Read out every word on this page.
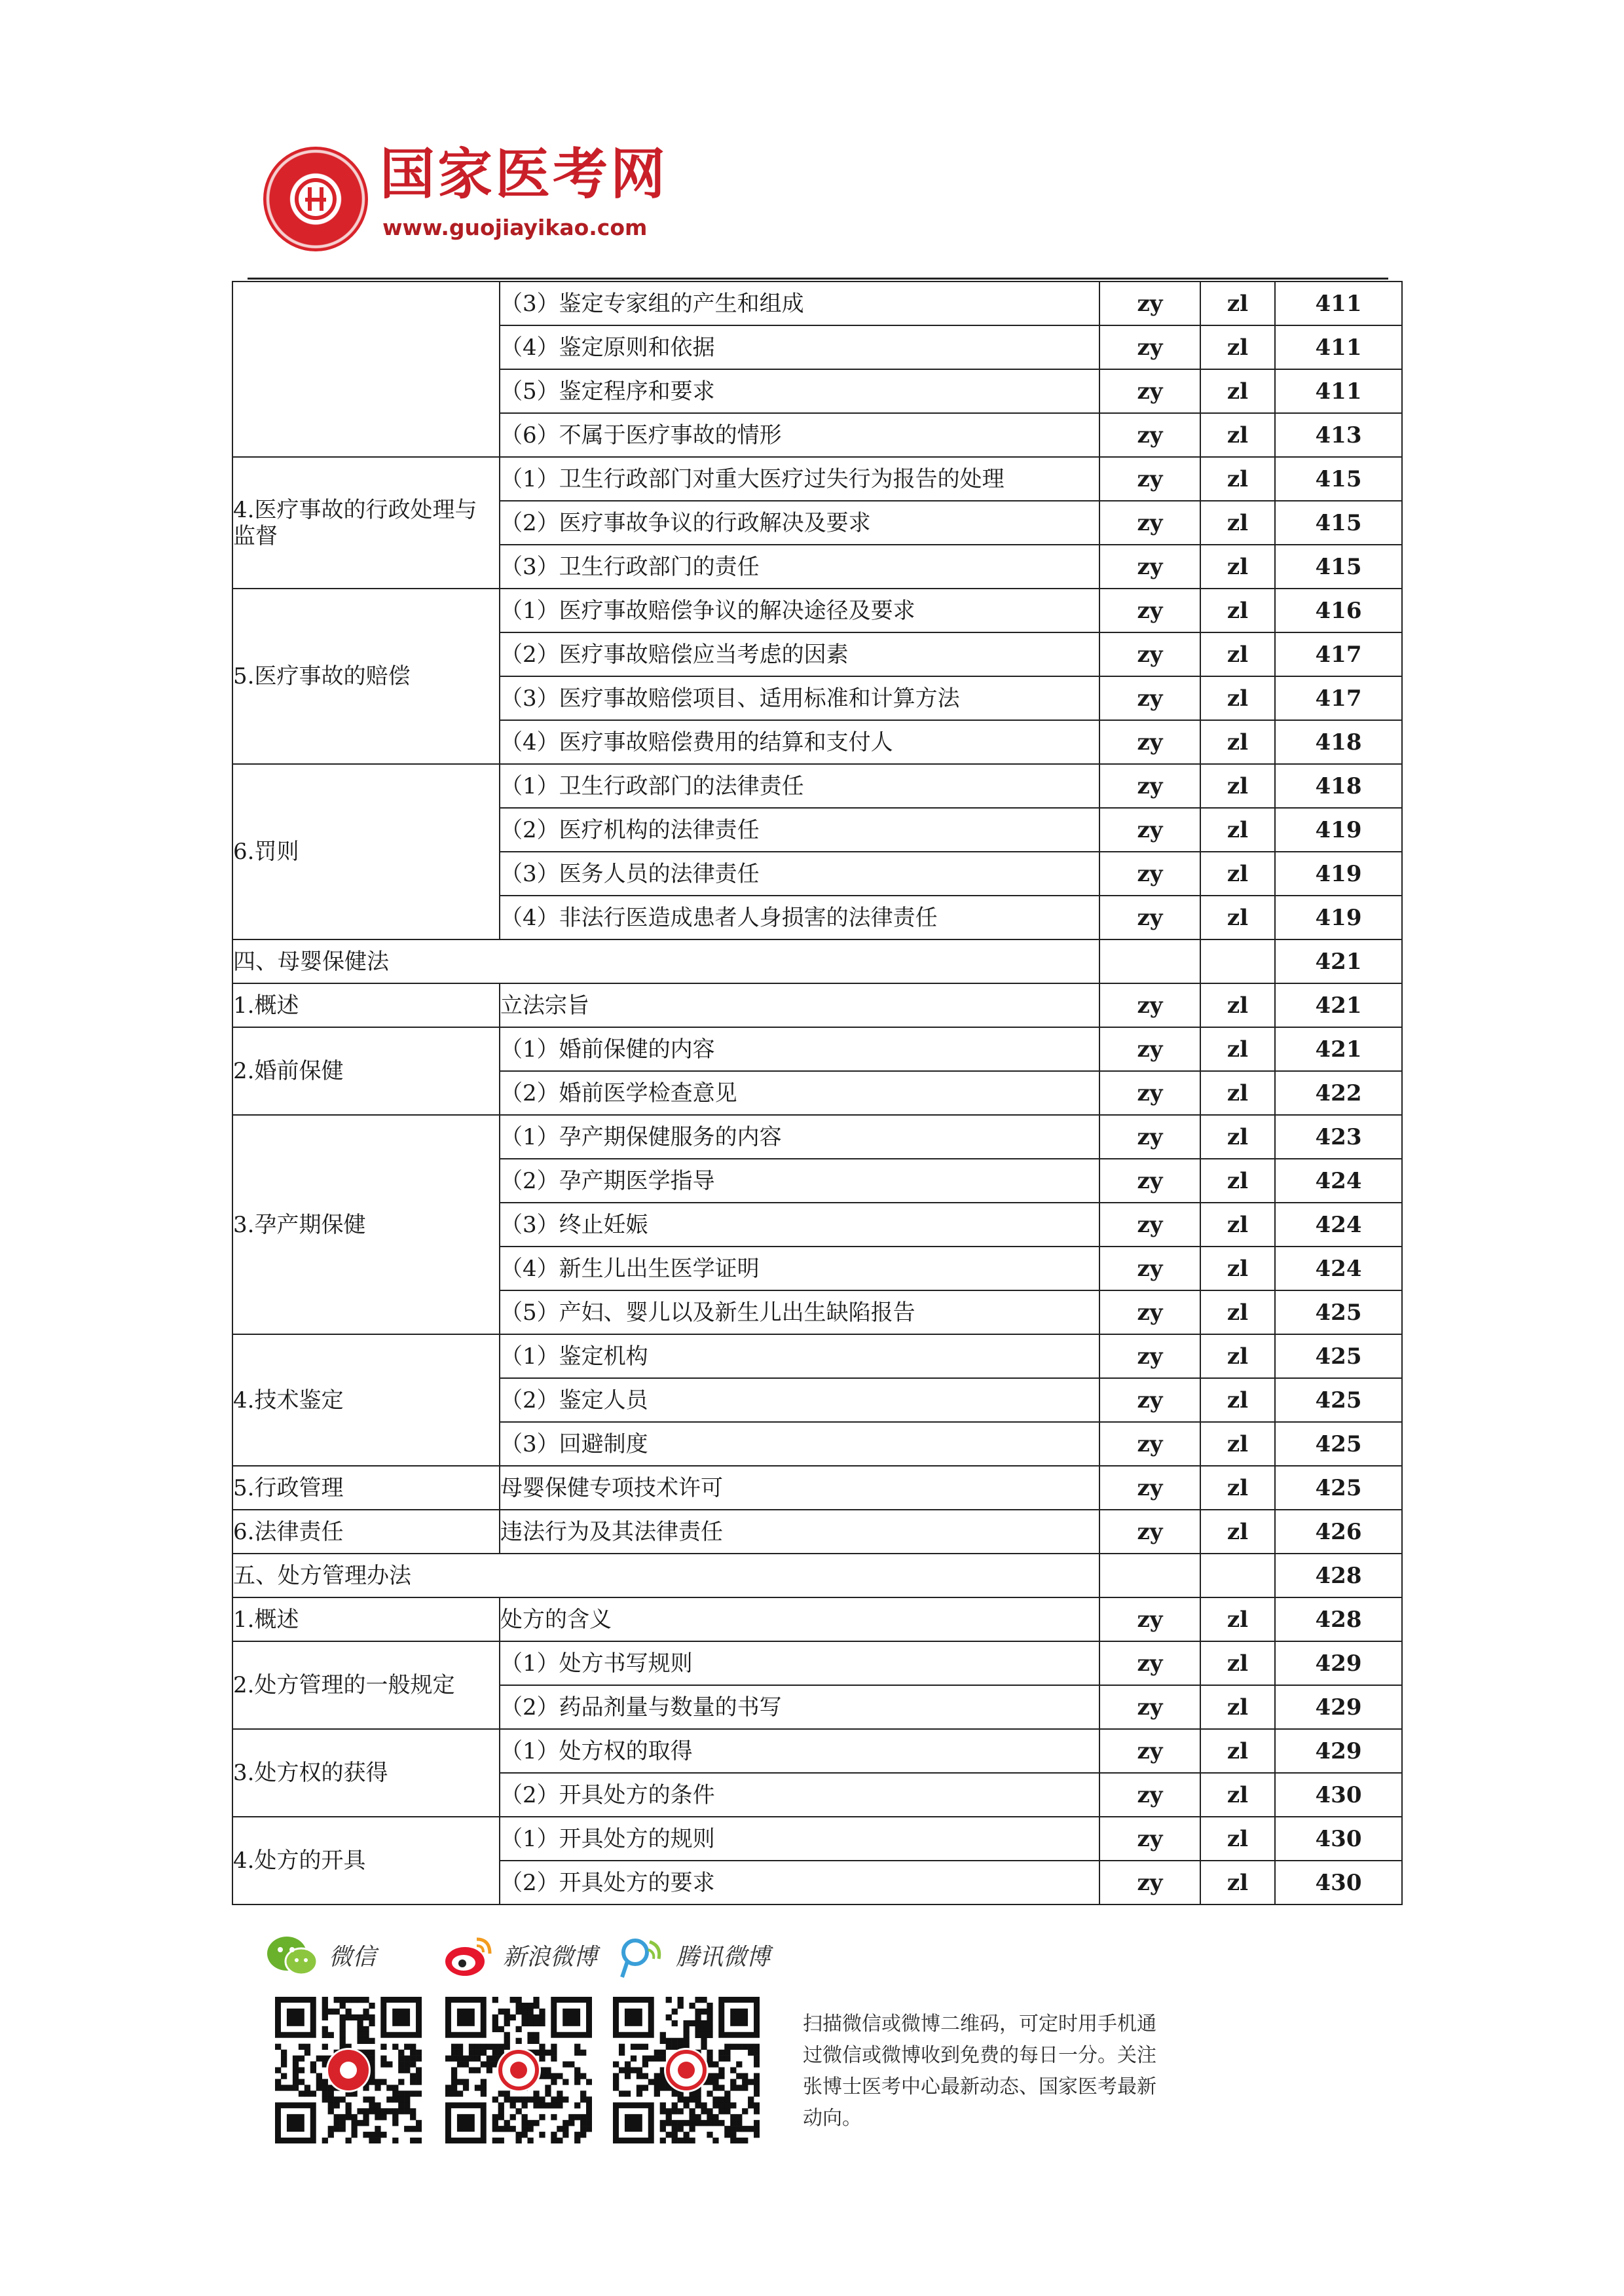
国家医考网
www.guojiayikao.com
	（3）鉴定专家组的产生和组成	zy	zl	411
	（4）鉴定原则和依据	zy	zl	411
	（5）鉴定程序和要求	zy	zl	411
	（6）不属于医疗事故的情形	zy	zl	413
4.医疗事故的行政处理与监督	（1）卫生行政部门对重大医疗过失行为报告的处理	zy	zl	415
	（2）医疗事故争议的行政解决及要求	zy	zl	415
	（3）卫生行政部门的责任	zy	zl	415
5.医疗事故的赔偿	（1）医疗事故赔偿争议的解决途径及要求	zy	zl	416
	（2）医疗事故赔偿应当考虑的因素	zy	zl	417
	（3）医疗事故赔偿项目、适用标准和计算方法	zy	zl	417
	（4）医疗事故赔偿费用的结算和支付人	zy	zl	418
6.罚则	（1）卫生行政部门的法律责任	zy	zl	418
	（2）医疗机构的法律责任	zy	zl	419
	（3）医务人员的法律责任	zy	zl	419
	（4）非法行医造成患者人身损害的法律责任	zy	zl	419
四、母婴保健法				421
1.概述	立法宗旨	zy	zl	421
2.婚前保健	（1）婚前保健的内容	zy	zl	421
	（2）婚前医学检查意见	zy	zl	422
3.孕产期保健	（1）孕产期保健服务的内容	zy	zl	423
	（2）孕产期医学指导	zy	zl	424
	（3）终止妊娠	zy	zl	424
	（4）新生儿出生医学证明	zy	zl	424
	（5）产妇、婴儿以及新生儿出生缺陷报告	zy	zl	425
4.技术鉴定	（1）鉴定机构	zy	zl	425
	（2）鉴定人员	zy	zl	425
	（3）回避制度	zy	zl	425
5.行政管理	母婴保健专项技术许可	zy	zl	425
6.法律责任	违法行为及其法律责任	zy	zl	426
五、处方管理办法				428
1.概述	处方的含义	zy	zl	428
2.处方管理的一般规定	（1）处方书写规则	zy	zl	429
	（2）药品剂量与数量的书写	zy	zl	429
3.处方权的获得	（1）处方权的取得	zy	zl	429
	（2）开具处方的条件	zy	zl	430
4.处方的开具	（1）开具处方的规则	zy	zl	430
	（2）开具处方的要求	zy	zl	430
微信	新浪微博	腾讯微博
扫描微信或微博二维码，可定时用手机通过微信或微博收到免费的每日一分。关注张博士医考中心最新动态、国家医考最新动向。
